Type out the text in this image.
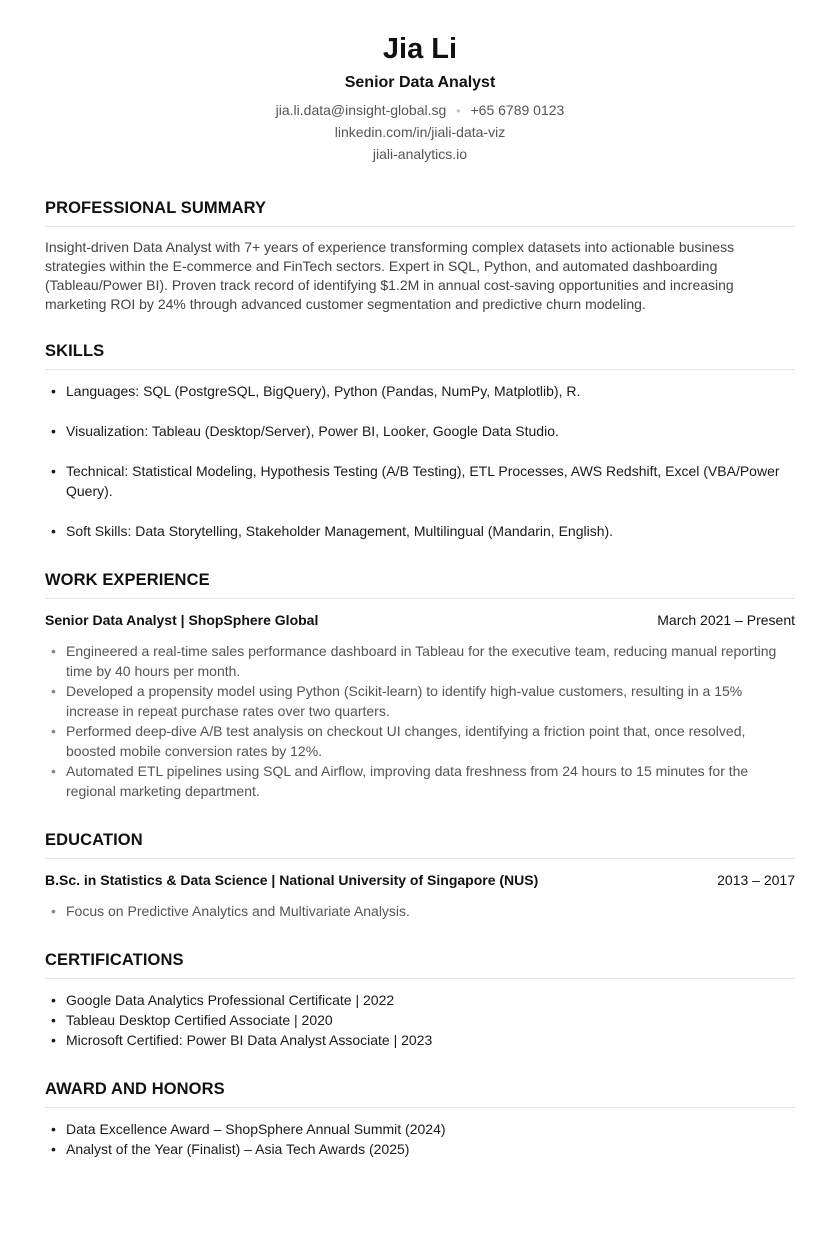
Jia Li
Senior Data Analyst
jia.li.data@insight-global.sg • +65 6789 0123
linkedin.com/in/jiali-data-viz
jiali-analytics.io
PROFESSIONAL SUMMARY
Insight-driven Data Analyst with 7+ years of experience transforming complex datasets into actionable business strategies within the E-commerce and FinTech sectors. Expert in SQL, Python, and automated dashboarding (Tableau/Power BI). Proven track record of identifying $1.2M in annual cost-saving opportunities and increasing marketing ROI by 24% through advanced customer segmentation and predictive churn modeling.
SKILLS
• Languages: SQL (PostgreSQL, BigQuery), Python (Pandas, NumPy, Matplotlib), R.
• Visualization: Tableau (Desktop/Server), Power BI, Looker, Google Data Studio.
• Technical: Statistical Modeling, Hypothesis Testing (A/B Testing), ETL Processes, AWS Redshift, Excel (VBA/Power Query).
• Soft Skills: Data Storytelling, Stakeholder Management, Multilingual (Mandarin, English).
WORK EXPERIENCE
Senior Data Analyst | ShopSphere Global	March 2021 – Present
• Engineered a real-time sales performance dashboard in Tableau for the executive team, reducing manual reporting time by 40 hours per month.
• Developed a propensity model using Python (Scikit-learn) to identify high-value customers, resulting in a 15% increase in repeat purchase rates over two quarters.
• Performed deep-dive A/B test analysis on checkout UI changes, identifying a friction point that, once resolved, boosted mobile conversion rates by 12%.
• Automated ETL pipelines using SQL and Airflow, improving data freshness from 24 hours to 15 minutes for the regional marketing department.
EDUCATION
B.Sc. in Statistics & Data Science | National University of Singapore (NUS)	2013 – 2017
• Focus on Predictive Analytics and Multivariate Analysis.
CERTIFICATIONS
• Google Data Analytics Professional Certificate | 2022
• Tableau Desktop Certified Associate | 2020
• Microsoft Certified: Power BI Data Analyst Associate | 2023
AWARD AND HONORS
• Data Excellence Award – ShopSphere Annual Summit (2024)
• Analyst of the Year (Finalist) – Asia Tech Awards (2025)
